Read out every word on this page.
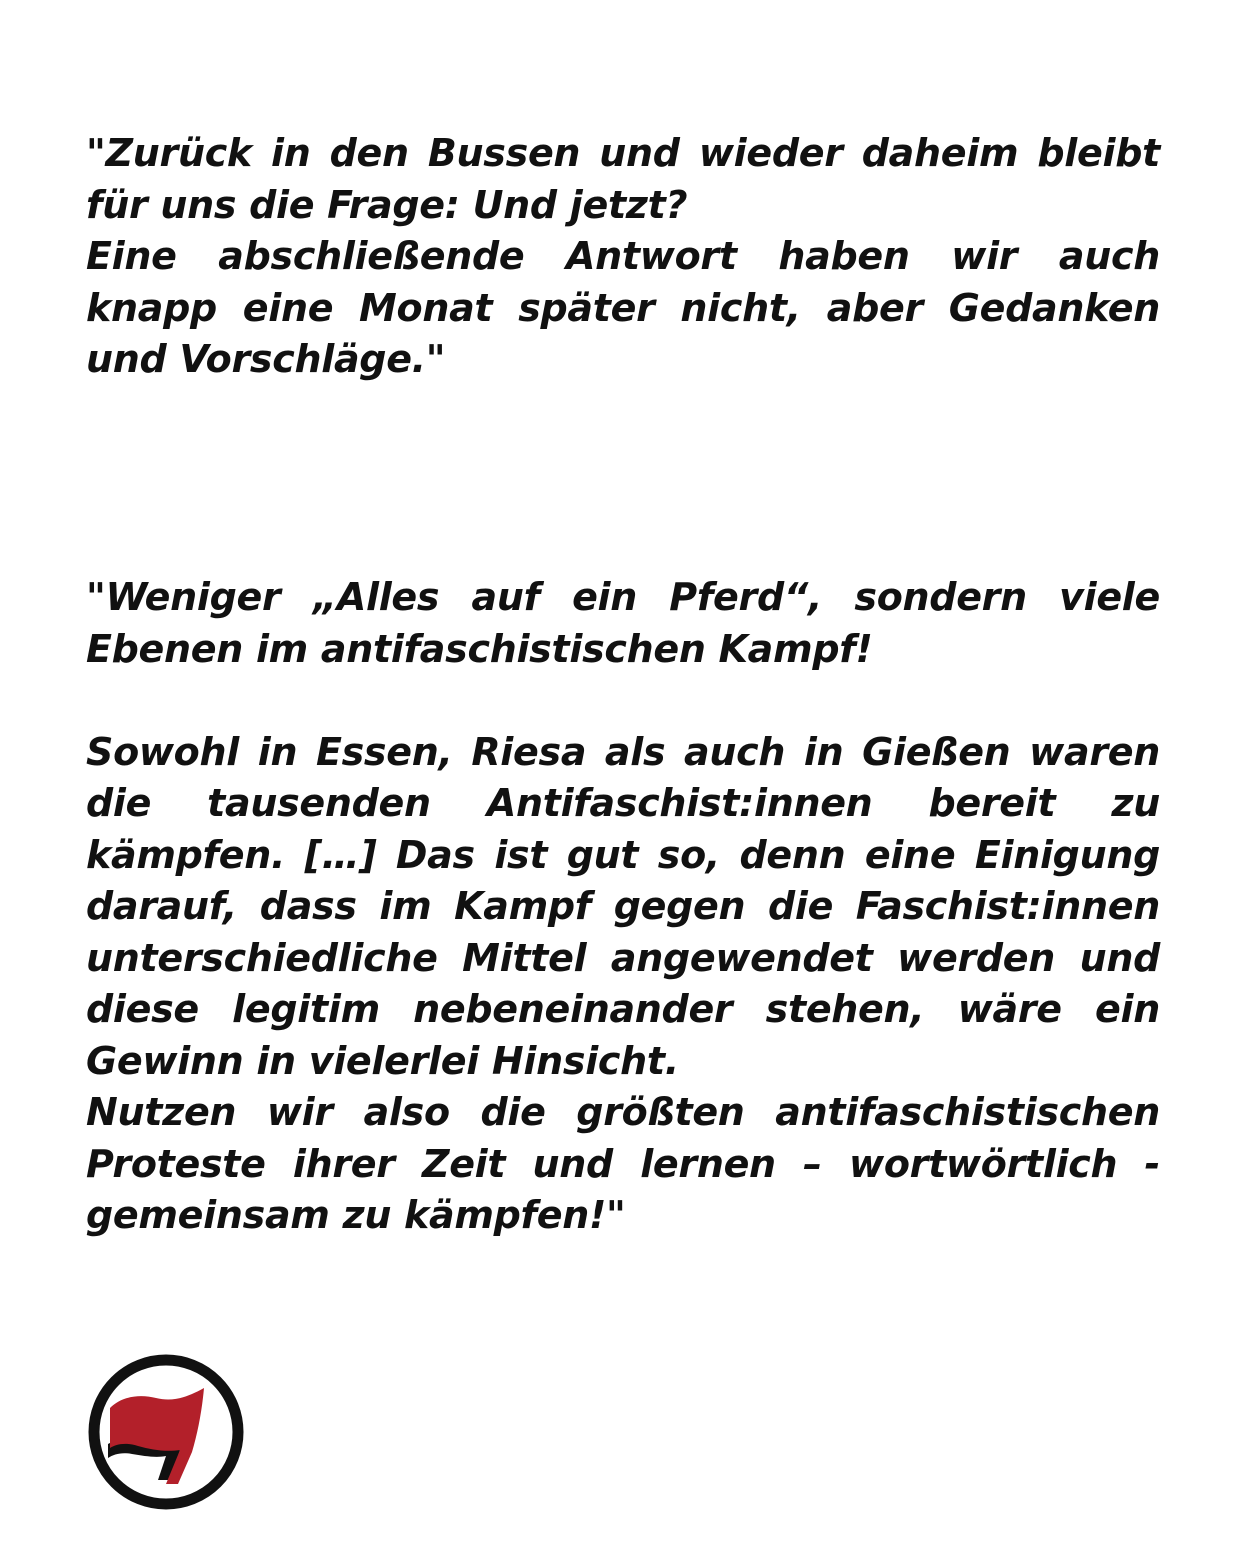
"Zurück in den Bussen und wieder daheim bleibt für uns die Frage: Und jetzt?

Eine abschließende Antwort haben wir auch knapp eine Monat später nicht, aber Gedanken und Vorschläge."

"Weniger „Alles auf ein Pferd“, sondern viele Ebenen im antifaschistischen Kampf!

Sowohl in Essen, Riesa als auch in Gießen waren die tausenden Antifaschist:innen bereit zu kämpfen. […] Das ist gut so, denn eine Einigung darauf, dass im Kampf gegen die Faschist:innen unterschiedliche Mittel angewendet werden und diese legitim nebeneinander stehen, wäre ein Gewinn in vielerlei Hinsicht.

Nutzen wir also die größten antifaschistischen Proteste ihrer Zeit und lernen – wortwörtlich - gemeinsam zu kämpfen!"
